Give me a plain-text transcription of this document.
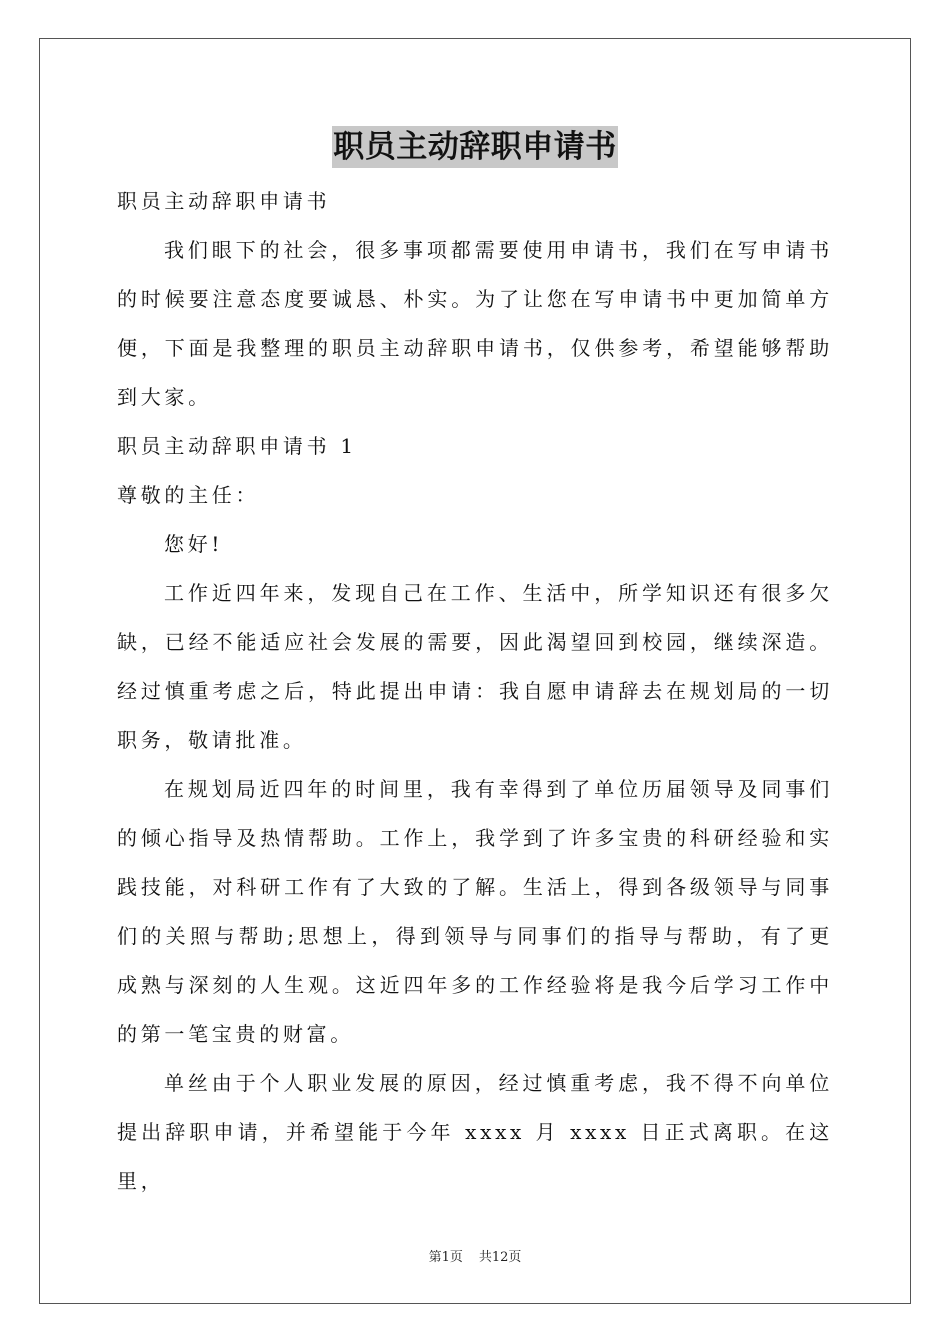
职员主动辞职申请书

职员主动辞职申请书

我们眼下的社会，很多事项都需要使用申请书，我们在写申请书的时候要注意态度要诚恳、朴实。为了让您在写申请书中更加简单方便，下面是我整理的职员主动辞职申请书，仅供参考，希望能够帮助到大家。

职员主动辞职申请书 1

尊敬的主任：

您好!

工作近四年来，发现自己在工作、生活中，所学知识还有很多欠缺，已经不能适应社会发展的需要，因此渴望回到校园，继续深造。经过慎重考虑之后，特此提出申请：我自愿申请辞去在规划局的一切职务，敬请批准。

在规划局近四年的时间里，我有幸得到了单位历届领导及同事们的倾心指导及热情帮助。工作上，我学到了许多宝贵的科研经验和实践技能，对科研工作有了大致的了解。生活上，得到各级领导与同事们的关照与帮助;思想上，得到领导与同事们的指导与帮助，有了更成熟与深刻的人生观。这近四年多的工作经验将是我今后学习工作中的第一笔宝贵的财富。

单丝由于个人职业发展的原因，经过慎重考虑，我不得不向单位提出辞职申请，并希望能于今年 xxxx 月 xxxx 日正式离职。在这里，

第1页 共12页
